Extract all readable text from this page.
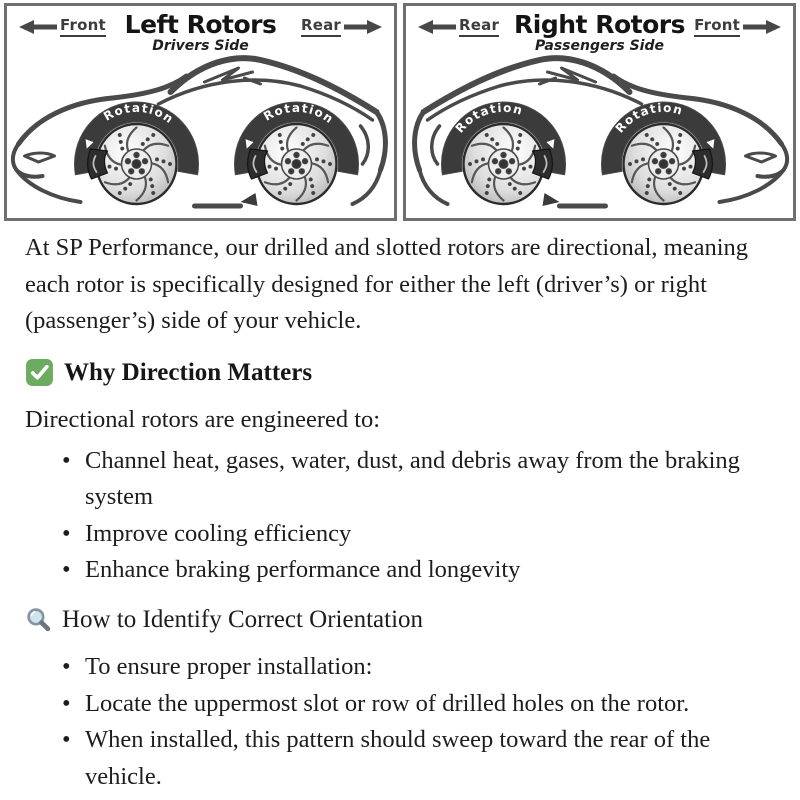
Rotation	Rotation
Front Left Rotors
Drivers Side
Rear
Rotation
Rotation
Rear Right Rotors
Passengers Side
Front

At SP Performance, our drilled and slotted rotors are directional, meaning each rotor is specifically designed for either the left (driver’s) or right (passenger’s) side of your vehicle.

Why Direction Matters

Directional rotors are engineered to:

• Channel heat, gases, water, dust, and debris away from the braking system
• Improve cooling efficiency
• Enhance braking performance and longevity
How to Identify Correct Orientation
• To ensure proper installation:
• Locate the uppermost slot or row of drilled holes on the rotor.
• When installed, this pattern should sweep toward the rear of the vehicle.
